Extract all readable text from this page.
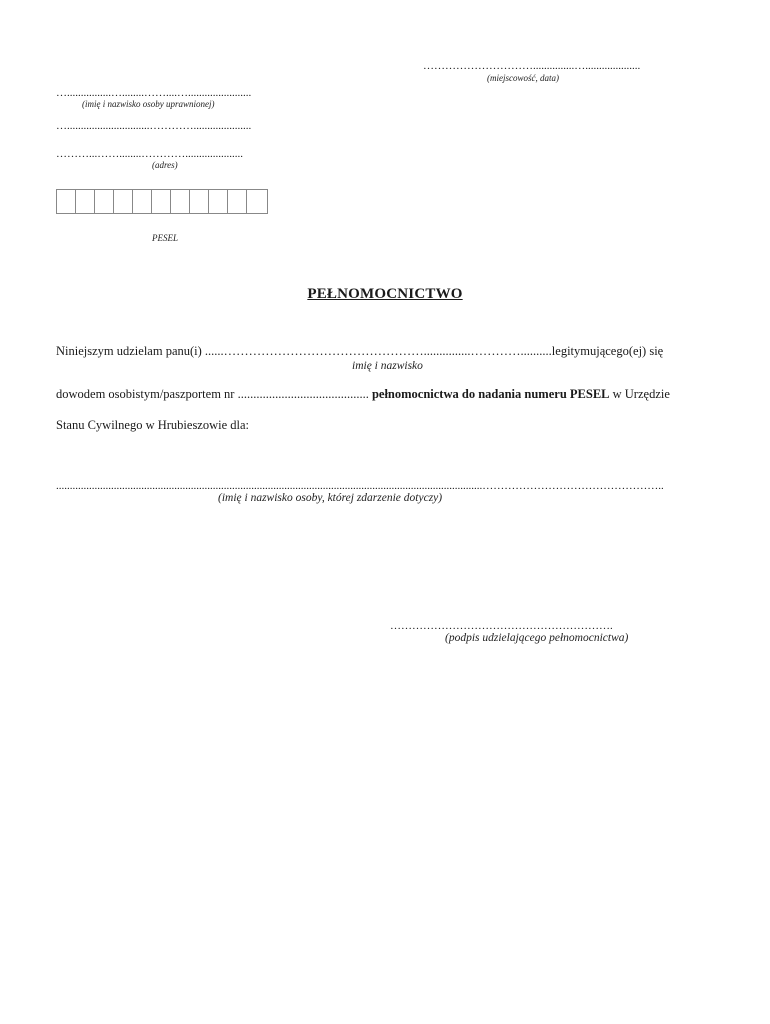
…………………………...............…....................
(miejscowość, data)
…................…........……....….......................
(imię i nazwisko osoby uprawnionej)
…..............................………….....................
………...……........………….....................
(adres)
PESEL
PEŁNOMOCNICTWO
Niniejszym udzielam panu(i) ......…………………………………………...............…………..........legitymującego(ej) się
imię i nazwisko
dowodem osobistym/paszportem nr .......................................... pełnomocnictwa do nadania numeru PESEL w Urzędzie
Stanu Cywilnego w Hrubieszowie dla:
...........................................................................................................................................................…………………………………………..
(imię i nazwisko osoby, której zdarzenie dotyczy)
…………………………………………………….
(podpis udzielającego pełnomocnictwa)
